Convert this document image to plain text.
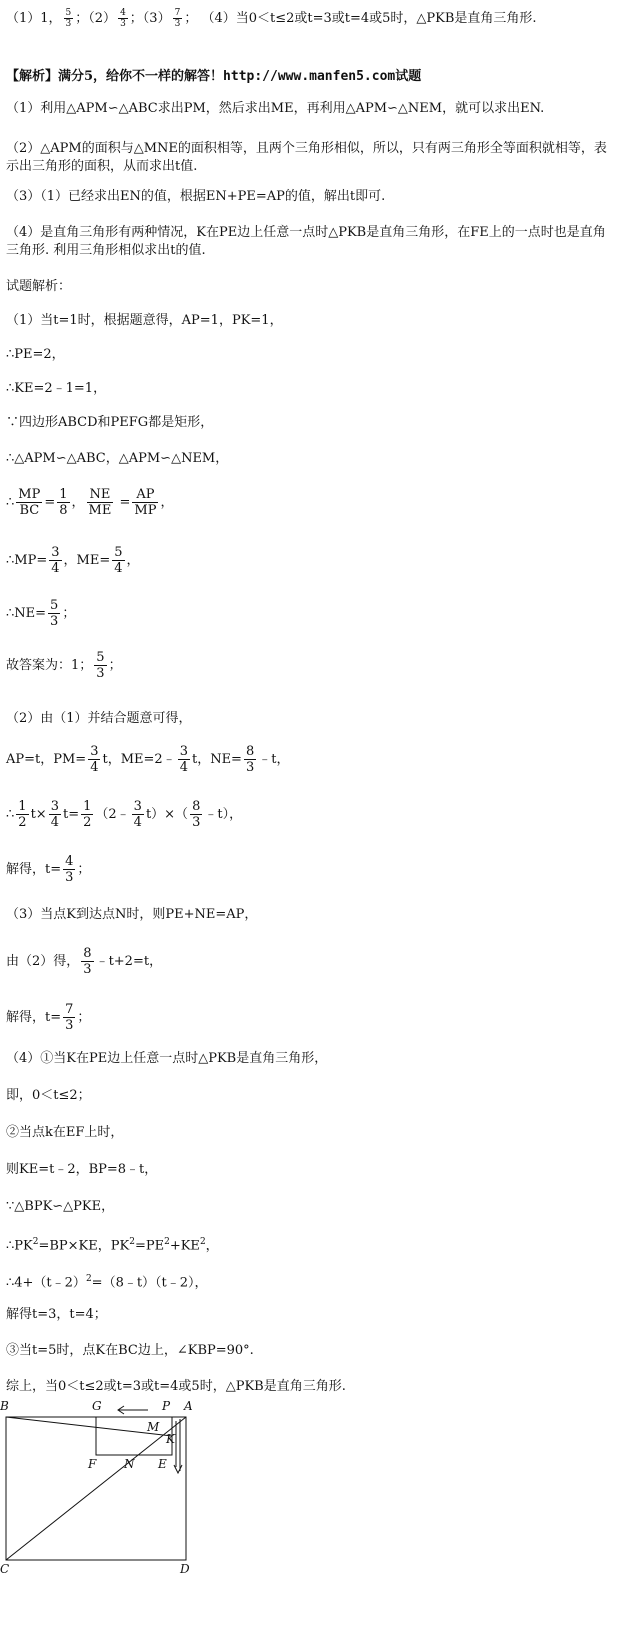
（1）1， $\frac{5}{3}$ ；$(2) \frac{4}{3}$ ；$(3) \frac{7}{3}$ ； （4）当0＜t≤2或t=3或t=4或5时，△PKB是直角三角形.
【解析】满分5，给你不一样的解答！http://www.manfen5.com试题
（1）利用△APM∽△ABC求出PM，然后求出ME，再利用△APM∽△NEM，就可以求出EN.
（2）△APM的面积与△MNE的面积相等，且两个三角形相似，所以，只有两三角形全等面积就相等，表示出三角形的面积，从而求出t值.
（3）（1）已经求出EN的值，根据EN+PE=AP的值，解出t即可.
（4）是直角三角形有两种情况，K在PE边上任意一点时△PKB是直角三角形，在FE上的一点时也是直角三角形. 利用三角形相似求出t的值.
试题解析：
（1）当t=1时，根据题意得，AP=1，PK=1，
∴PE=2，
∴KE=2﹣1=1，
∵四边形ABCD和PEFG都是矩形，
∴△APM∽△ABC，△APM∽△NEM，
∴ $\frac{MP}{BC} = \frac{1}{8}$ ， $\frac{NE}{ME} = \frac{AP}{MP}$ ，
∴MP= $\frac{3}{4}$ ，$ME= \frac{5}{4}$ ，
∴NE= $\frac{5}{3}$ ；
故答案为：1； $\frac{5}{3}$ ；
（2）由（1）并结合题意可得，
AP=t，$PM= \frac{3}{4}$ t，ME=2﹣ $\frac{3}{4}$ t，$NE= \frac{8}{3}$ ﹣t，
∴ $\frac{1}{2} t\times \frac{3}{4} t= \frac{1}{2}$ （2﹣ $\frac{3}{4} t)\times( \frac{8}{3}$ ﹣t），
解得，$t= \frac{4}{3}$ ；
（3）当点K到达点N时，则PE+NE=AP，
由（2）得， $\frac{8}{3}$ ﹣t+2=t，
解得，$t= \frac{7}{3}$ ；
（4）①当K在PE边上任意一点时△PKB是直角三角形，
即，0＜t≤2；
②当点k在EF上时，
则KE=t﹣2，BP=8﹣t，
∵△BPK∽△PKE，
$\therefore PK^2=BP\times KE$，$PK^2=PE^2+KE^2$，
∴4+（t﹣2）$^2$=（8﹣t）（t﹣2），
解得t=3，t=4；
③当t=5时，点K在BC边上，∠KBP=90°.
综上，当0＜t≤2或t=3或t=4或5时，△PKB是直角三角形.
B	G	P A
M
K
F N E
C	D
